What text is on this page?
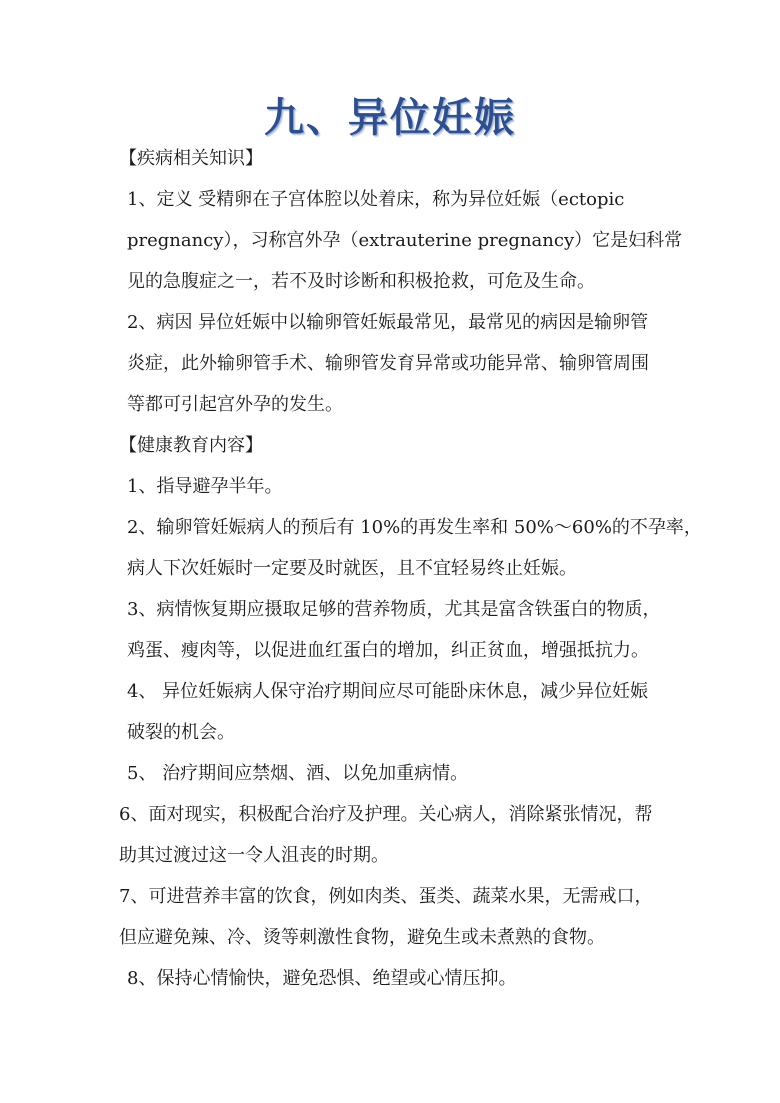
九、异位妊娠

【疾病相关知识】

1、定义 受精卵在子宫体腔以处着床，称为异位妊娠（ectopic

pregnancy），习称宫外孕（extrauterine pregnancy）它是妇科常

见的急腹症之一，若不及时诊断和积极抢救，可危及生命。

2、病因 异位妊娠中以输卵管妊娠最常见，最常见的病因是输卵管

炎症，此外输卵管手术、输卵管发育异常或功能异常、输卵管周围

等都可引起宫外孕的发生。

【健康教育内容】

1、指导避孕半年。

2、输卵管妊娠病人的预后有 10%的再发生率和 50%～60%的不孕率，

病人下次妊娠时一定要及时就医，且不宜轻易终止妊娠。

3、病情恢复期应摄取足够的营养物质，尤其是富含铁蛋白的物质，

鸡蛋、瘦肉等，以促进血红蛋白的增加，纠正贫血，增强抵抗力。

4、 异位妊娠病人保守治疗期间应尽可能卧床休息，减少异位妊娠

破裂的机会。

5、 治疗期间应禁烟、酒、以免加重病情。

6、面对现实，积极配合治疗及护理。关心病人，消除紧张情况，帮

助其过渡过这一令人沮丧的时期。

7、可进营养丰富的饮食，例如肉类、蛋类、蔬菜水果，无需戒口，

但应避免辣、冷、烫等刺激性食物，避免生或未煮熟的食物。

8、保持心情愉快，避免恐惧、绝望或心情压抑。
